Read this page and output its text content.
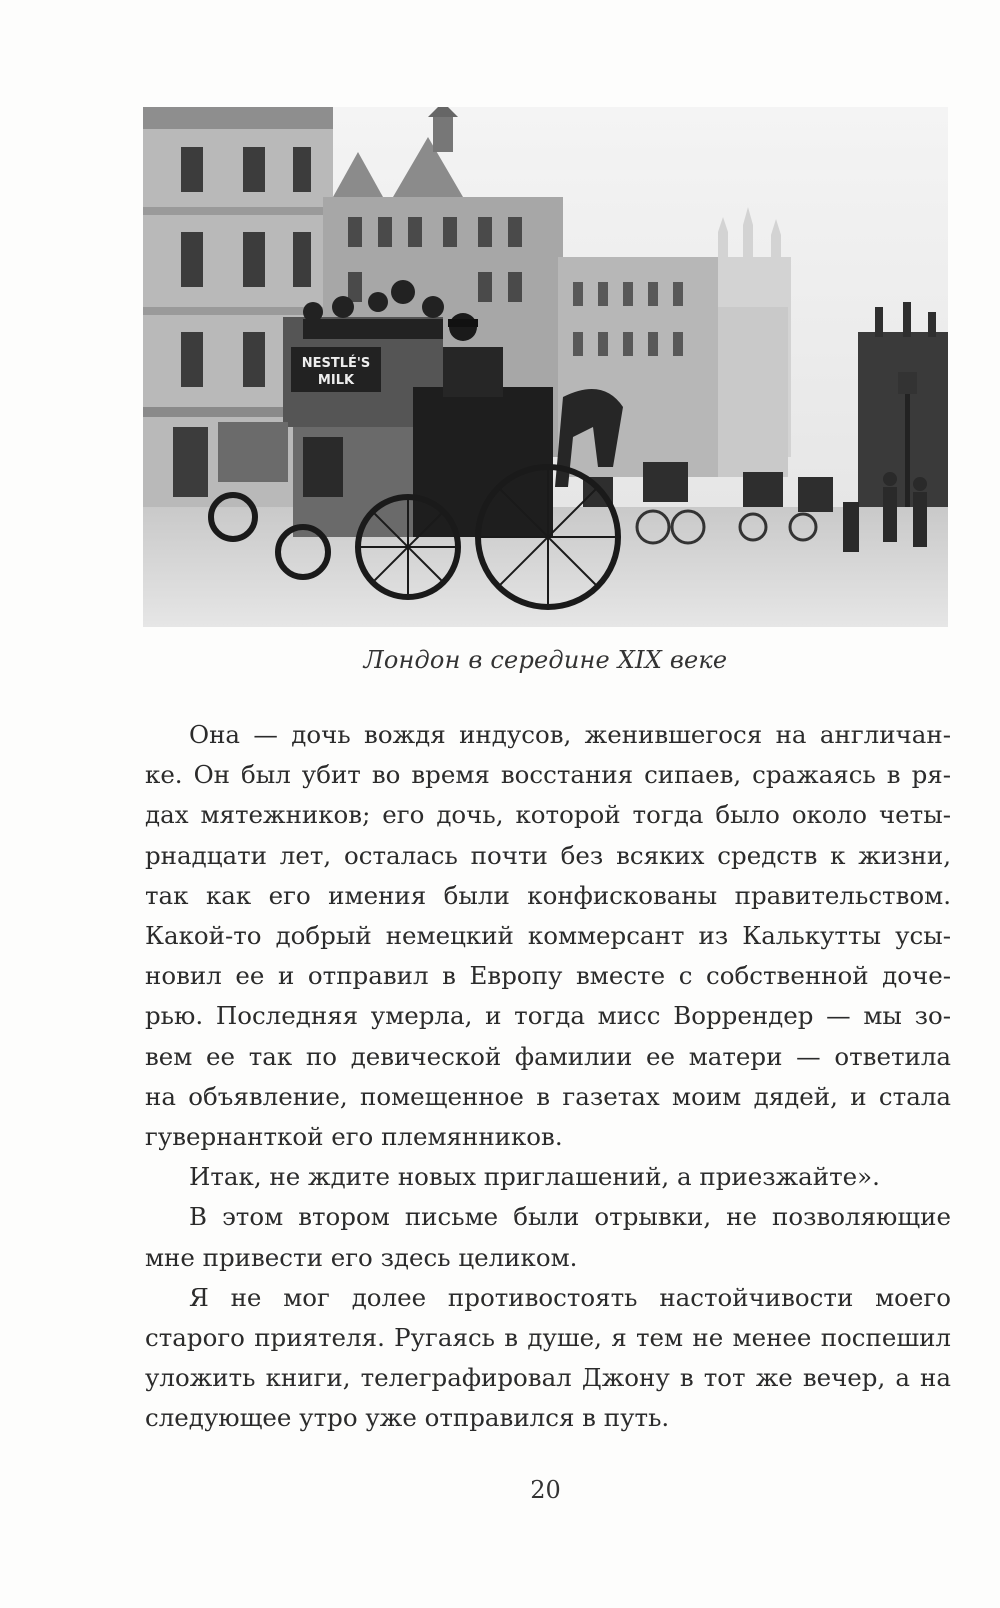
NESTLÉ'S
MILK
Лондон в середине XIX веке

Она — дочь вождя индусов, женившегося на англичан-
ке. Он был убит во время восстания сипаев, сражаясь в ря-
дах мятежников; его дочь, которой тогда было около четы-
рнадцати лет, осталась почти без всяких средств к жизни,
так как его имения были конфискованы правительством.
Какой-то добрый немецкий коммерсант из Калькутты усы-
новил ее и отправил в Европу вместе с собственной доче-
рью. Последняя умерла, и тогда мисс Воррендер — мы зо-
вем ее так по девической фамилии ее матери — ответила
на объявление, помещенное в газетах моим дядей, и стала
гувернанткой его племянников.

Итак, не ждите новых приглашений, а приезжайте».

В этом втором письме были отрывки, не позволяющие
мне привести его здесь целиком.

Я не мог долее противостоять настойчивости моего
старого приятеля. Ругаясь в душе, я тем не менее поспешил
уложить книги, телеграфировал Джону в тот же вечер, а на
следующее утро уже отправился в путь.

20
